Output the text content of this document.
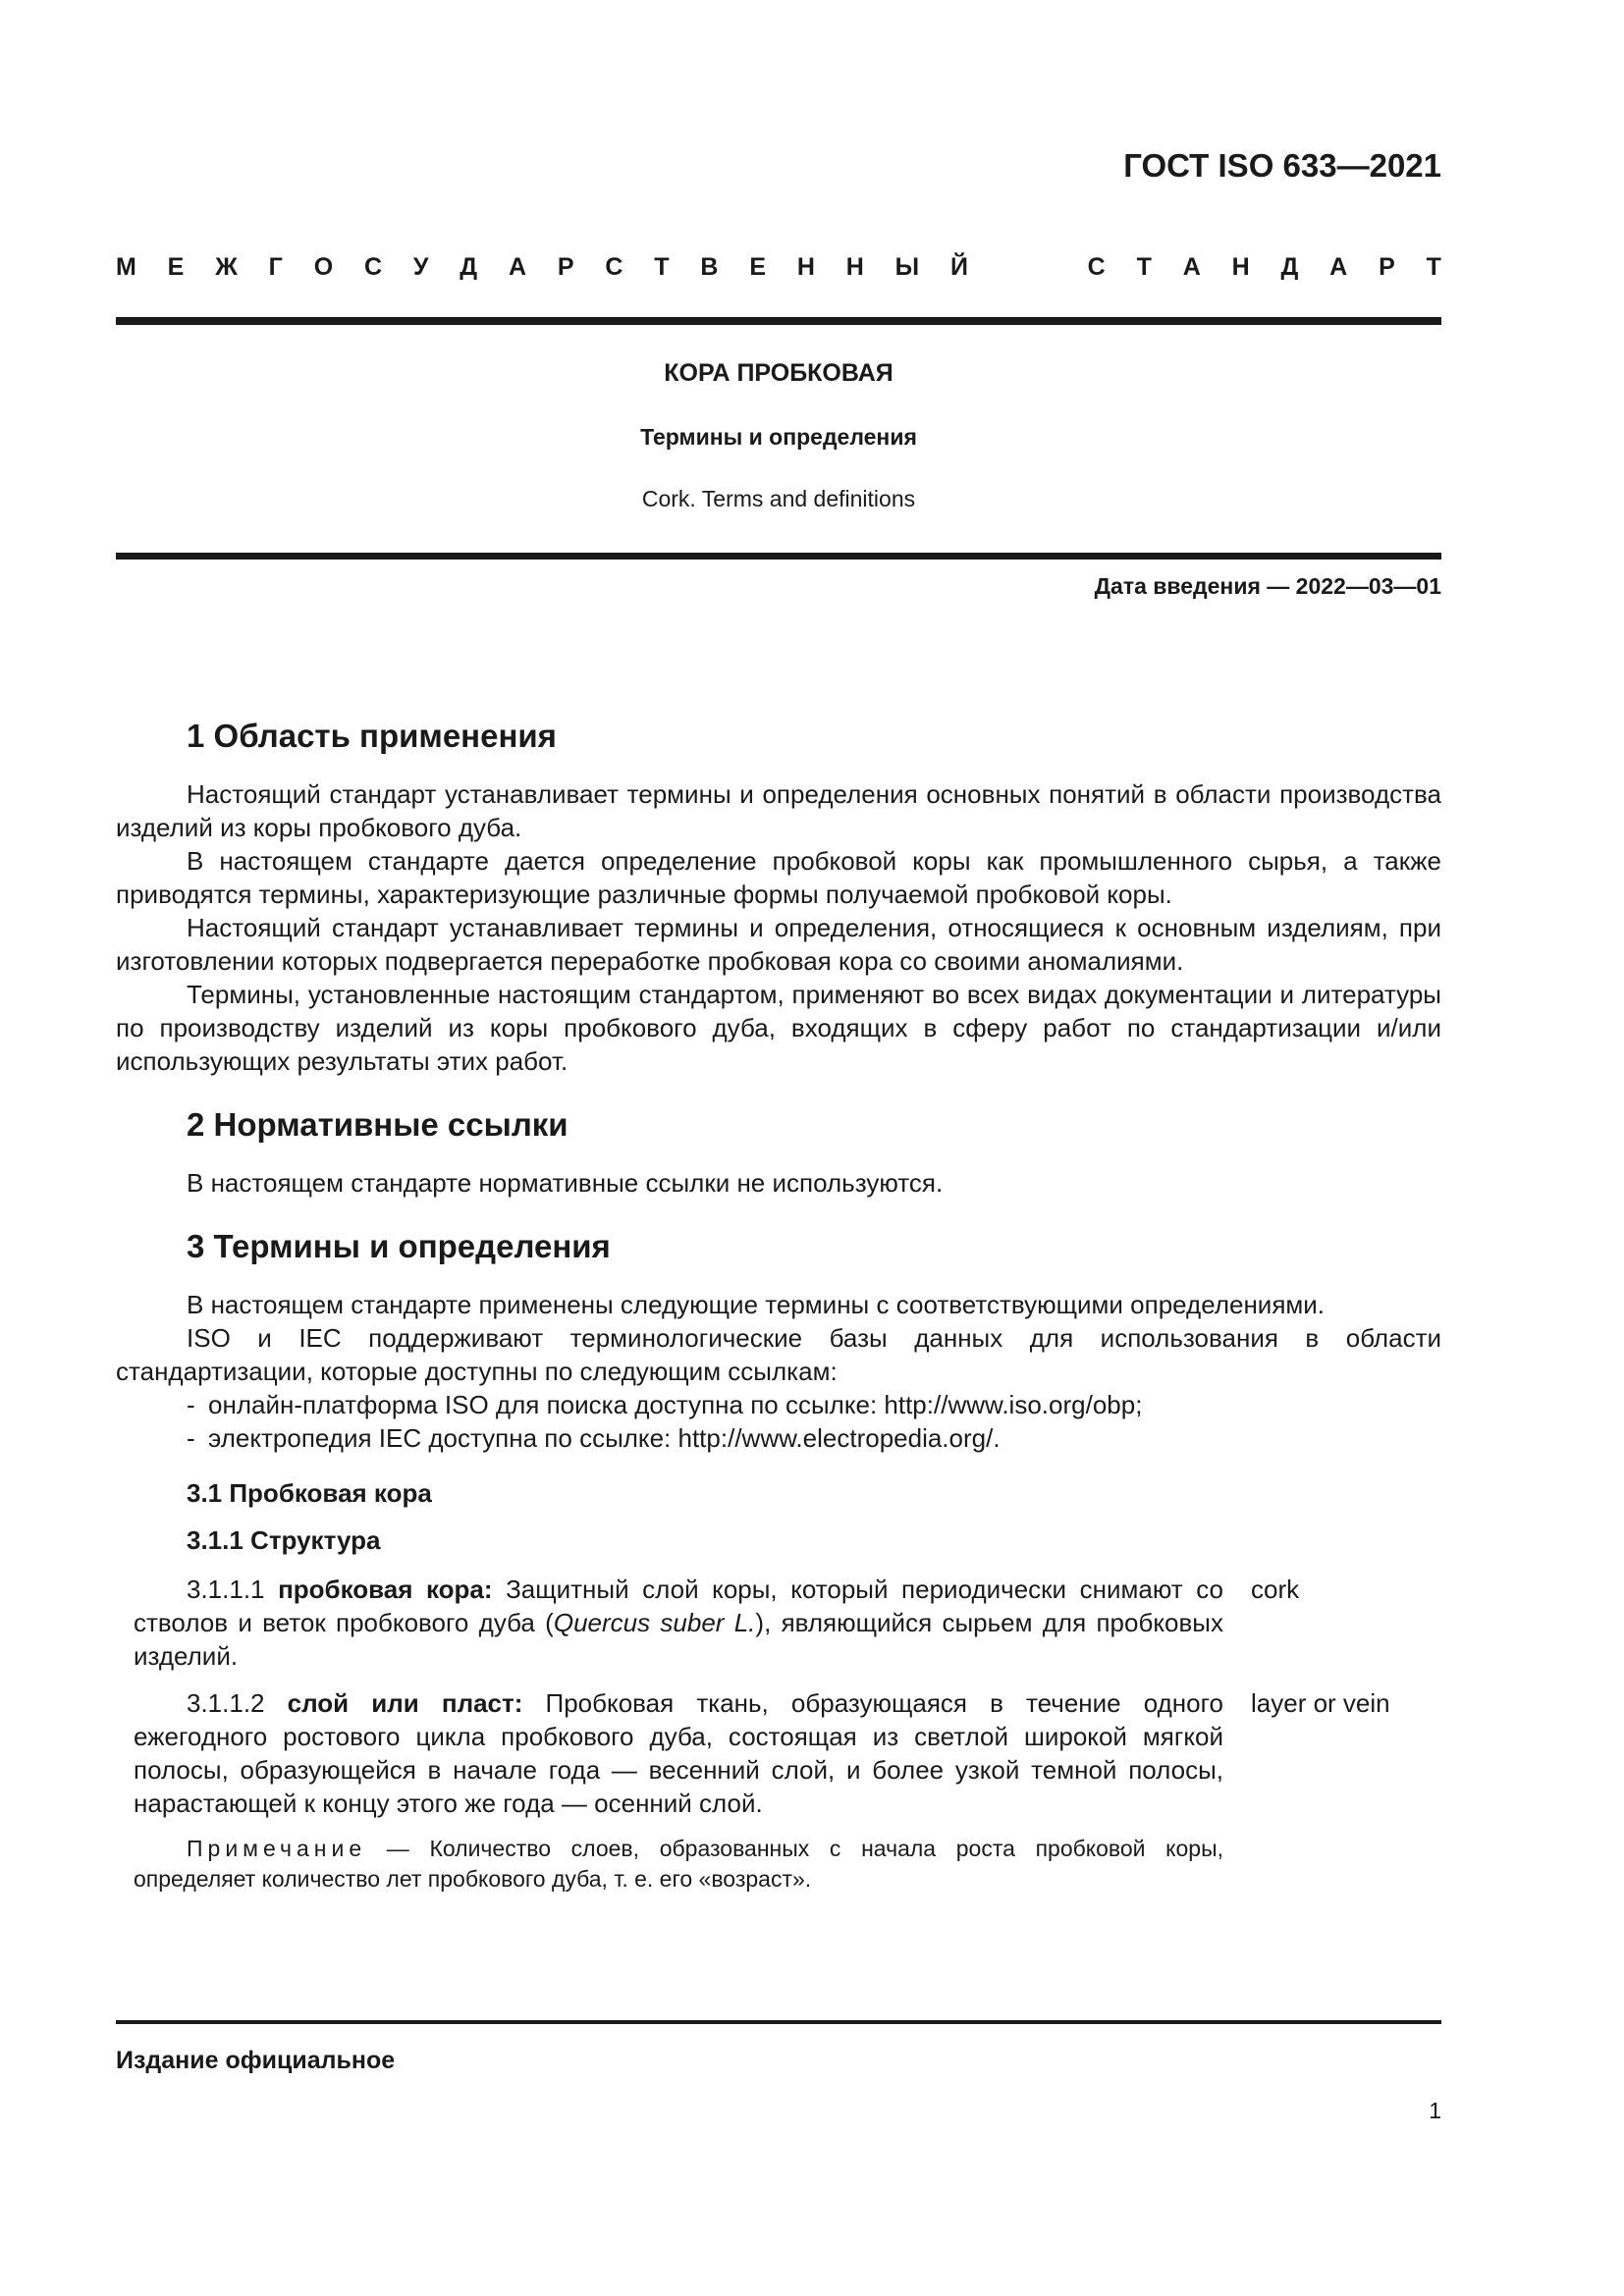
ГОСТ ISO 633—2021
М Е Ж Г О С У Д А Р С Т В Е Н Н Ы Й	С Т А Н Д А Р Т
КОРА ПРОБКОВАЯ
Термины и определения
Cork. Terms and definitions
Дата введения — 2022—03—01
1 Область применения

Настоящий стандарт устанавливает термины и определения основных понятий в области производства изделий из коры пробкового дуба.

В настоящем стандарте дается определение пробковой коры как промышленного сырья, а также приводятся термины, характеризующие различные формы получаемой пробковой коры.

Настоящий стандарт устанавливает термины и определения, относящиеся к основным изделиям, при изготовлении которых подвергается переработке пробковая кора со своими аномалиями.

Термины, установленные настоящим стандартом, применяют во всех видах документации и литературы по производству изделий из коры пробкового дуба, входящих в сферу работ по стандартизации и/или использующих результаты этих работ.

2 Нормативные ссылки

В настоящем стандарте нормативные ссылки не используются.

3 Термины и определения

В настоящем стандарте применены следующие термины с соответствующими определениями.

ISO и IEC поддерживают терминологические базы данных для использования в области стандартизации, которые доступны по следующим ссылкам:

- онлайн-платформа ISO для поиска доступна по ссылке: http://www.iso.org/obp;
- электропедия IEC доступна по ссылке: http://www.electropedia.org/.
3.1 Пробковая кора
3.1.1 Структура

3.1.1.1 пробковая кора: Защитный слой коры, который периодически снимают со стволов и веток пробкового дуба (Quercus suber L.), являющийся сырьем для пробковых изделий.

cork

3.1.1.2 слой или пласт: Пробковая ткань, образующаяся в течение одного ежегодного ростового цикла пробкового дуба, состоящая из светлой широкой мягкой полосы, образующейся в начале года — весенний слой, и более узкой темной полосы, нарастающей к концу этого же года — осенний слой.

layer or vein

Примечание — Количество слоев, образованных с начала роста пробковой коры, определяет количество лет пробкового дуба, т. е. его «возраст».

Издание официальное
1
